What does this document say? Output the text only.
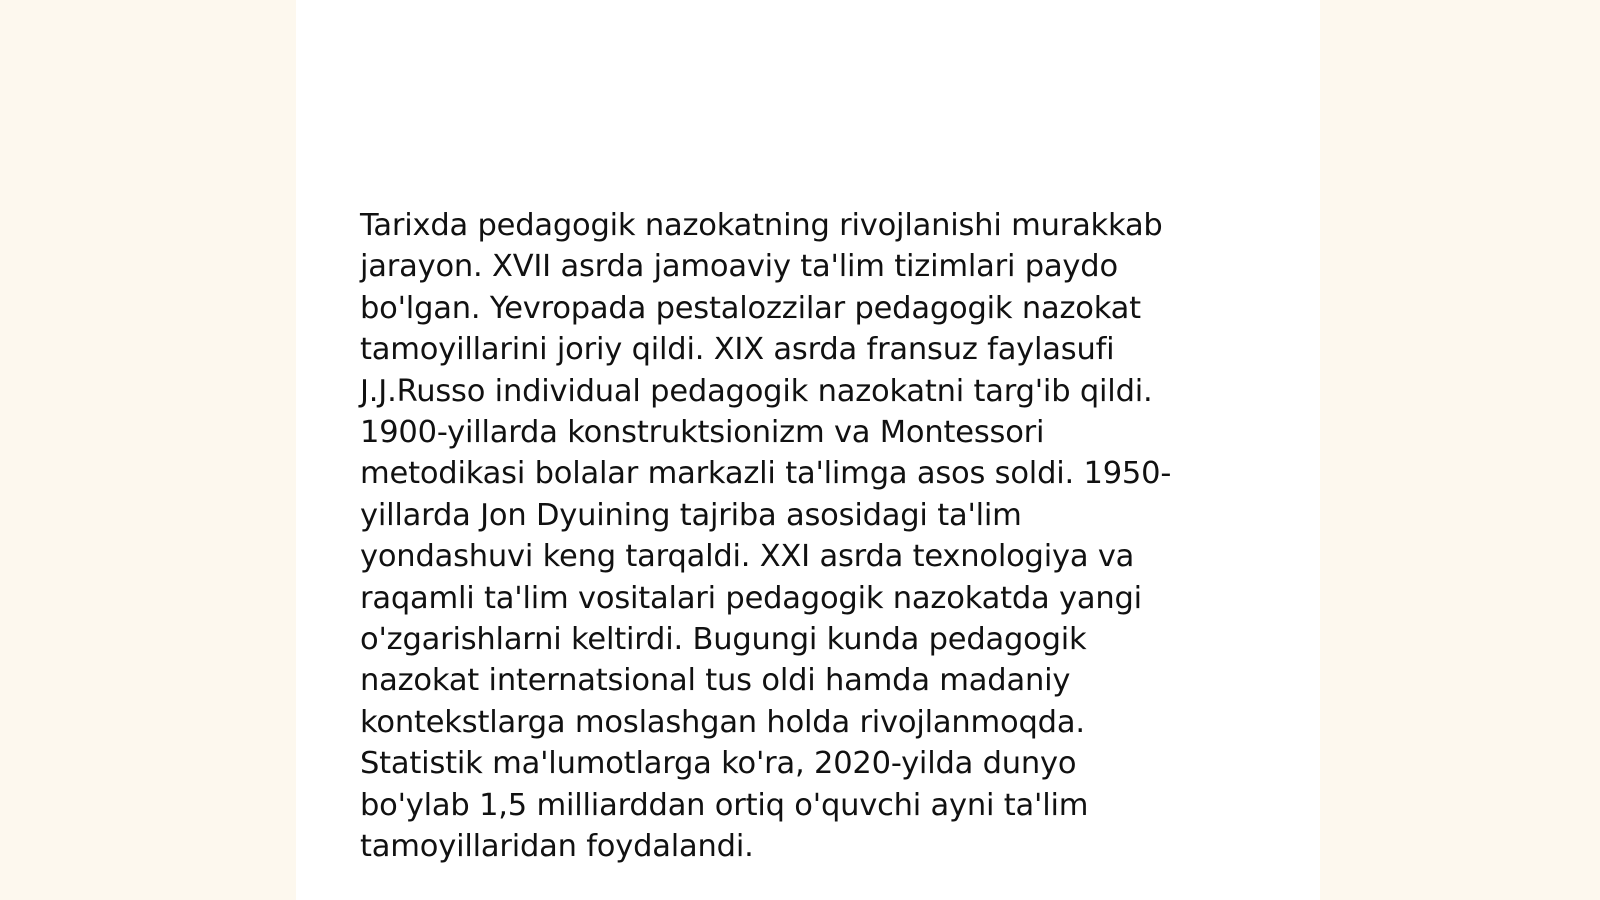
Tarixda pedagogik nazokatning rivojlanishi murakkab
jarayon. XVII asrda jamoaviy ta'lim tizimlari paydo
bo'lgan. Yevropada pestalozzilar pedagogik nazokat
tamoyillarini joriy qildi. XIX asrda fransuz faylasufi
J.J.Russo individual pedagogik nazokatni targ'ib qildi.
1900-yillarda konstruktsionizm va Montessori
metodikasi bolalar markazli ta'limga asos soldi. 1950-
yillarda Jon Dyuining tajriba asosidagi ta'lim
yondashuvi keng tarqaldi. XXI asrda texnologiya va
raqamli ta'lim vositalari pedagogik nazokatda yangi
o'zgarishlarni keltirdi. Bugungi kunda pedagogik
nazokat internatsional tus oldi hamda madaniy
kontekstlarga moslashgan holda rivojlanmoqda.
Statistik ma'lumotlarga ko'ra, 2020-yilda dunyo
bo'ylab 1,5 milliarddan ortiq o'quvchi ayni ta'lim
tamoyillaridan foydalandi.
